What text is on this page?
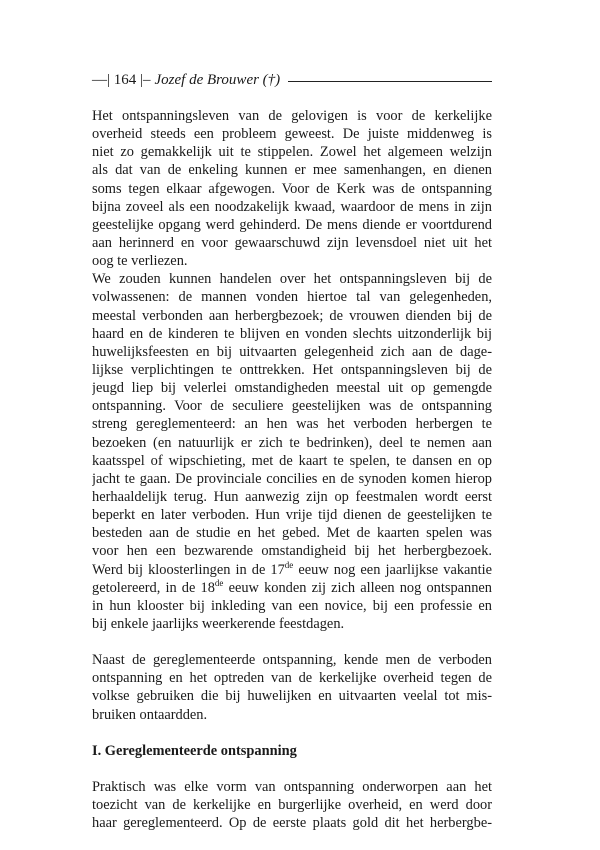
—| 164 |– Jozef de Brouwer (†)
Het ontspanningsleven van de gelovigen is voor de kerkelijke
overheid steeds een probleem geweest. De juiste middenweg is
niet zo gemakkelijk uit te stippelen. Zowel het algemeen welzijn
als dat van de enkeling kunnen er mee samenhangen, en dienen
soms tegen elkaar afgewogen. Voor de Kerk was de ontspanning
bijna zoveel als een noodzakelijk kwaad, waardoor de mens in zijn
geestelijke opgang werd gehinderd. De mens diende er voortdurend
aan herinnerd en voor gewaarschuwd zijn levensdoel niet uit het
oog te verliezen.
We zouden kunnen handelen over het ontspanningsleven bij de
volwassenen: de mannen vonden hiertoe tal van gelegenheden,
meestal verbonden aan herbergbezoek; de vrouwen dienden bij de
haard en de kinderen te blijven en vonden slechts uitzonderlijk bij
huwelijksfeesten en bij uitvaarten gelegenheid zich aan de dage-
lijkse verplichtingen te onttrekken. Het ontspanningsleven bij de
jeugd liep bij velerlei omstandigheden meestal uit op gemengde
ontspanning. Voor de seculiere geestelijken was de ontspanning
streng gereglementeerd: an hen was het verboden herbergen te
bezoeken (en natuurlijk er zich te bedrinken), deel te nemen aan
kaatsspel of wipschieting, met de kaart te spelen, te dansen en op
jacht te gaan. De provinciale concilies en de synoden komen hierop
herhaaldelijk terug. Hun aanwezig zijn op feestmalen wordt eerst
beperkt en later verboden. Hun vrije tijd dienen de geestelijken te
besteden aan de studie en het gebed. Met de kaarten spelen was
voor hen een bezwarende omstandigheid bij het herbergbezoek.
Werd bij kloosterlingen in de 17de eeuw nog een jaarlijkse vakantie
getolereerd, in de 18de eeuw konden zij zich alleen nog ontspannen
in hun klooster bij inkleding van een novice, bij een professie en
bij enkele jaarlijks weerkerende feestdagen.
Naast de gereglementeerde ontspanning, kende men de verboden
ontspanning en het optreden van de kerkelijke overheid tegen de
volkse gebruiken die bij huwelijken en uitvaarten veelal tot mis-
bruiken ontaardden.
I. Gereglementeerde ontspanning
Praktisch was elke vorm van ontspanning onderworpen aan het
toezicht van de kerkelijke en burgerlijke overheid, en werd door
haar gereglementeerd. Op de eerste plaats gold dit het herbergbe-
